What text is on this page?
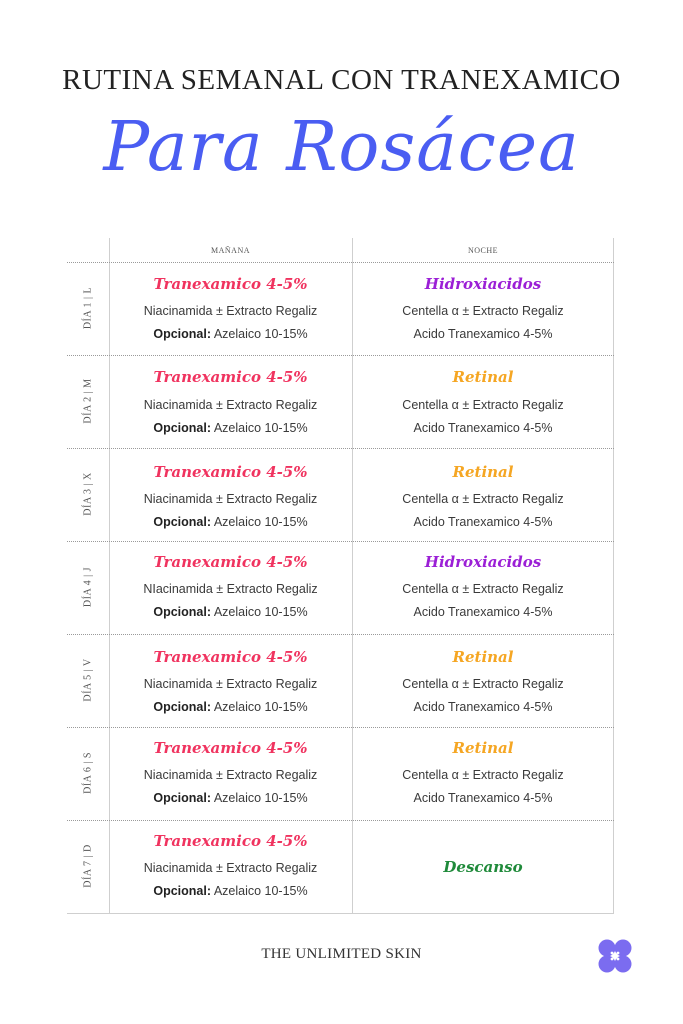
RUTINA SEMANAL CON TRANEXAMICO
Para Rosácea
MAÑANA	NOCHE
DÍA 1 | L
Tranexamico 4-5%
Niacinamida ± Extracto Regaliz
Opcional: Azelaico 10-15%
Hidroxiacidos
Centella α ± Extracto Regaliz
Acido Tranexamico 4-5%
DÍA 2 | M
Tranexamico 4-5%
Niacinamida ± Extracto Regaliz
Opcional: Azelaico 10-15%
Retinal
Centella α ± Extracto Regaliz
Acido Tranexamico 4-5%
DÍA 3 | X
Tranexamico 4-5%
Niacinamida ± Extracto Regaliz
Opcional: Azelaico 10-15%
Retinal
Centella α ± Extracto Regaliz
Acido Tranexamico 4-5%
DÍA 4 | J
Tranexamico 4-5%
NIacinamida ± Extracto Regaliz
Opcional: Azelaico 10-15%
Hidroxiacidos
Centella α ± Extracto Regaliz
Acido Tranexamico 4-5%
DÍA 5 | V
Tranexamico 4-5%
Niacinamida ± Extracto Regaliz
Opcional: Azelaico 10-15%
Retinal
Centella α ± Extracto Regaliz
Acido Tranexamico 4-5%
DÍA 6 | S
Tranexamico 4-5%
Niacinamida ± Extracto Regaliz
Opcional: Azelaico 10-15%
Retinal
Centella α ± Extracto Regaliz
Acido Tranexamico 4-5%
DÍA 7 | D
Tranexamico 4-5%
Niacinamida ± Extracto Regaliz
Opcional: Azelaico 10-15%
Descanso
THE UNLIMITED SKIN
